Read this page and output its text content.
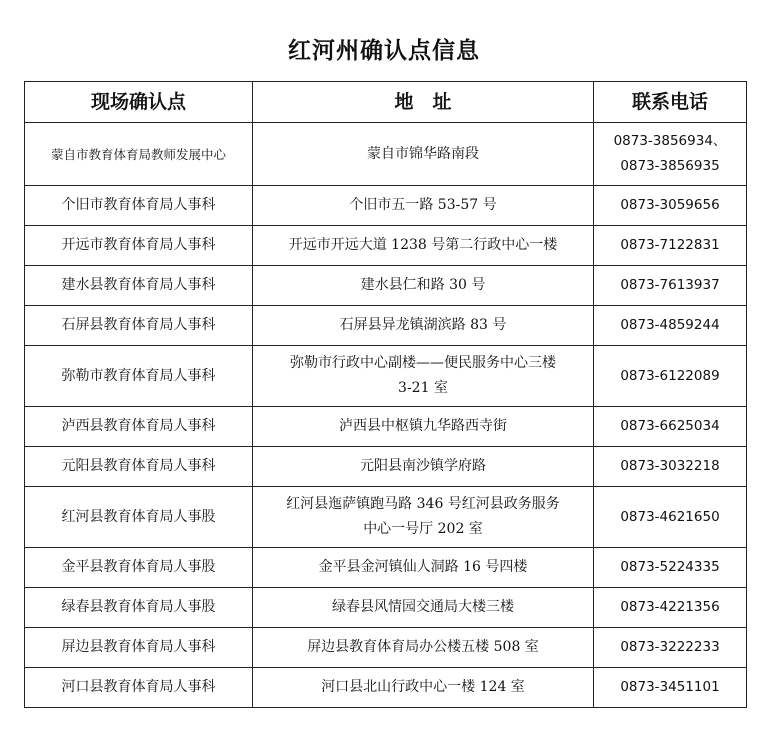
红河州确认点信息
现场确认点	地　址	联系电话
蒙自市教育体育局教师发展中心	蒙自市锦华路南段	0873-3856934、
0873-3856935

个旧市教育体育局人事科	个旧市五一路 53-57 号	0873-3059656

开远市教育体育局人事科	开远市开远大道 1238 号第二行政中心一楼	0873-7122831

建水县教育体育局人事科	建水县仁和路 30 号	0873-7613937

石屏县教育体育局人事科	石屏县异龙镇湖滨路 83 号	0873-4859244

弥勒市教育体育局人事科	弥勒市行政中心副楼——便民服务中心三楼
3-21 室	0873-6122089

泸西县教育体育局人事科	泸西县中枢镇九华路西寺街	0873-6625034

元阳县教育体育局人事科	元阳县南沙镇学府路	0873-3032218

红河县教育体育局人事股	红河县迤萨镇跑马路 346 号红河县政务服务
中心一号厅 202 室	0873-4621650

金平县教育体育局人事股	金平县金河镇仙人洞路 16 号四楼	0873-5224335

绿春县教育体育局人事股	绿春县风情园交通局大楼三楼	0873-4221356

屏边县教育体育局人事科	屏边县教育体育局办公楼五楼 508 室	0873-3222233

河口县教育体育局人事科	河口县北山行政中心一楼 124 室	0873-3451101
